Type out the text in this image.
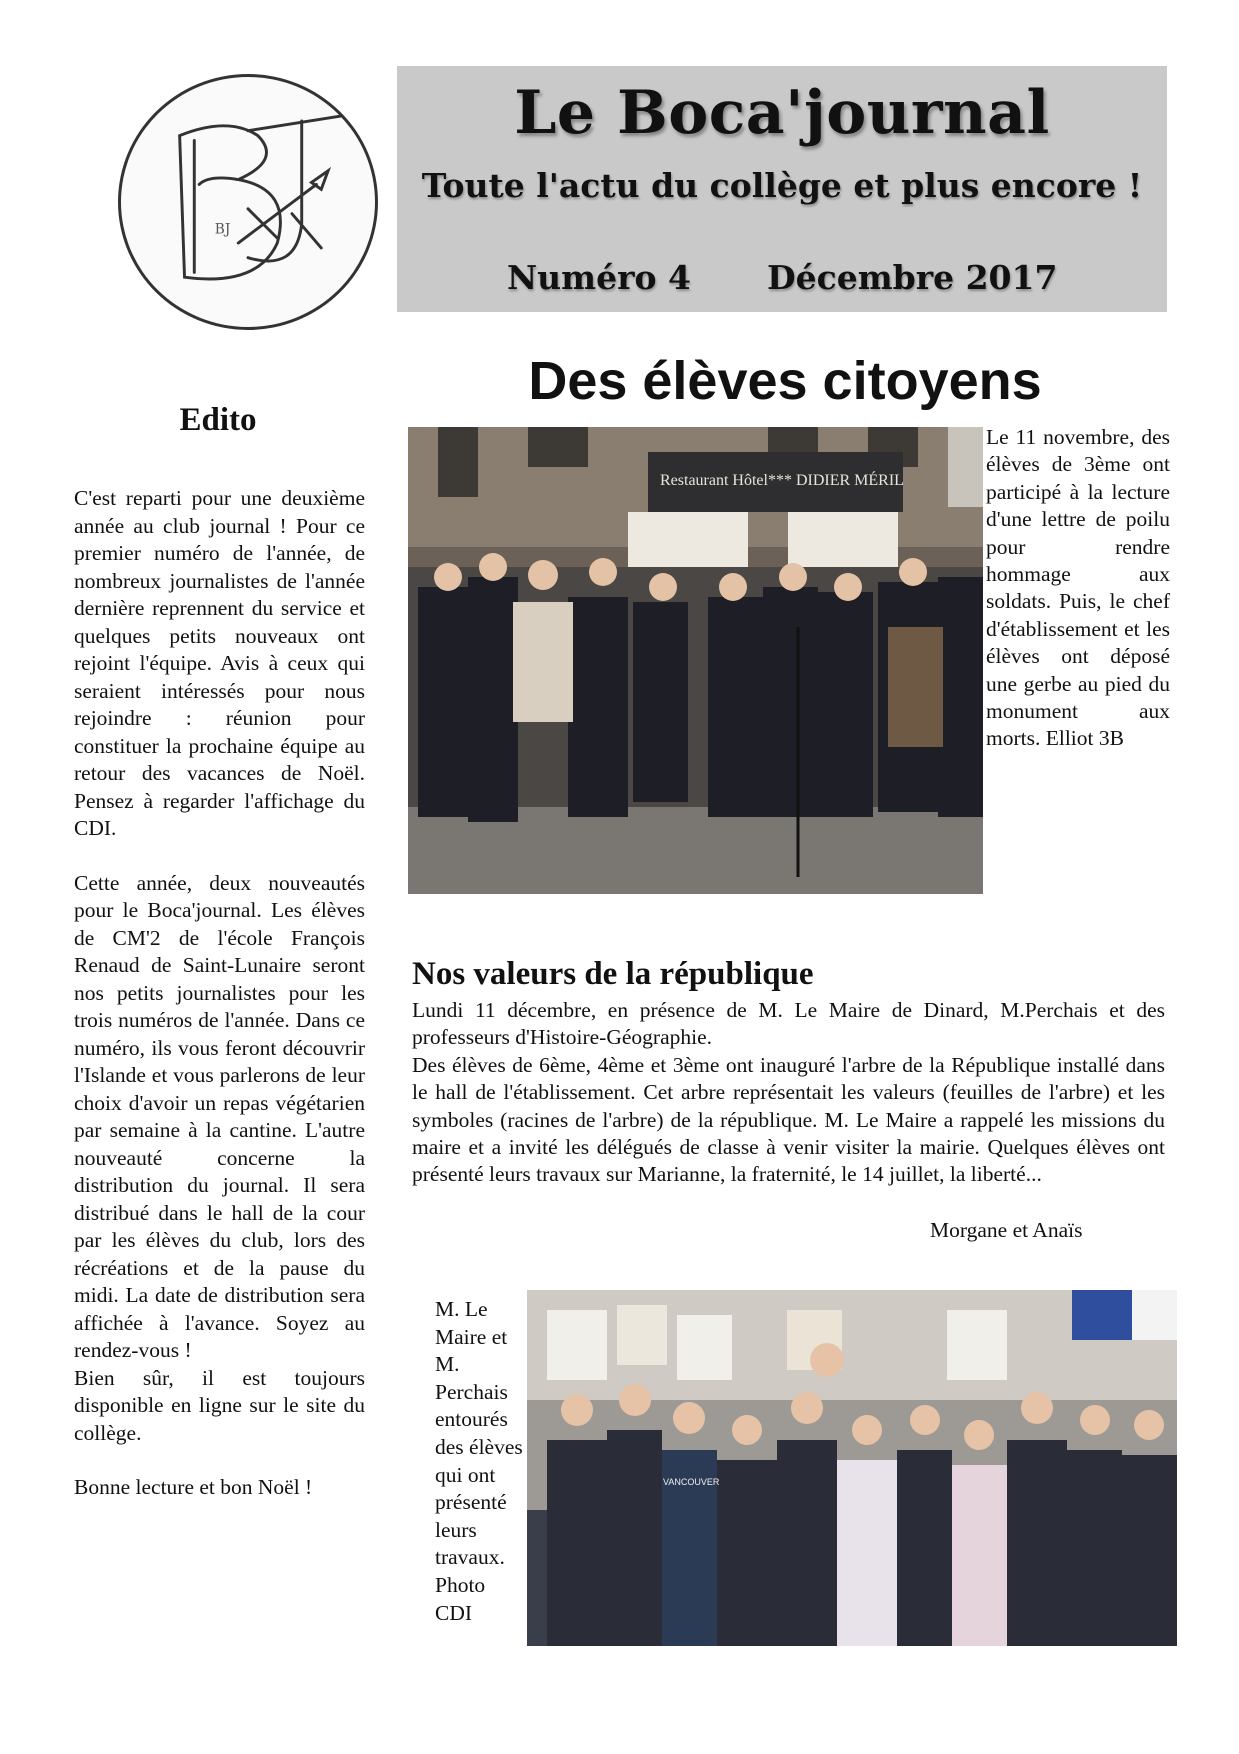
BJ
Le Boca'journal
Toute l'actu du collège et plus encore !
Numéro 4 Décembre 2017
Edito

C'est reparti pour une deuxième année au club journal ! Pour ce premier numéro de l'année, de nombreux journalistes de l'année dernière reprennent du service et quelques petits nouveaux ont rejoint l'équipe. Avis à ceux qui seraient intéressés pour nous rejoindre : réunion pour constituer la prochaine équipe au retour des vacances de Noël. Pensez à regarder l'affichage du CDI.

Cette année, deux nouveautés pour le Boca'journal. Les élèves de CM'2 de l'école François Renaud de Saint-Lunaire seront nos petits journalistes pour les trois numéros de l'année. Dans ce numéro, ils vous feront découvrir l'Islande et vous parlerons de leur choix d'avoir un repas végétarien par semaine à la cantine. L'autre nouveauté concerne la distribution du journal. Il sera distribué dans le hall de la cour par les élèves du club, lors des récréations et de la pause du midi. La date de distribution sera affichée à l'avance. Soyez au rendez-vous !

Bien sûr, il est toujours disponible en ligne sur le site du collège.

Bonne lecture et bon Noël !

Des élèves citoyens
Restaurant Hôtel*** DIDIER MÉRIL
Le 11 novembre, des élèves de 3ème ont participé à la lecture d'une lettre de poilu pour rendre hommage aux soldats. Puis, le chef d'établissement et les élèves ont déposé une gerbe au pied du monument aux morts. Elliot 3B
Nos valeurs de la république

Lundi 11 décembre, en présence de M. Le Maire de Dinard, M.Perchais et des professeurs d'Histoire-Géographie.

Des élèves de 6ème, 4ème et 3ème ont inauguré l'arbre de la République installé dans le hall de l'établissement. Cet arbre représentait les valeurs (feuilles de l'arbre) et les symboles (racines de l'arbre) de la république. M. Le Maire a rappelé les missions du maire et a invité les délégués de classe à venir visiter la mairie. Quelques élèves ont présenté leurs travaux sur Marianne, la fraternité, le 14 juillet, la liberté...

Morgane et Anaïs
M. Le Maire et M. Perchais entourés des élèves qui ont présenté leurs travaux. Photo CDI
VANCOUVER
